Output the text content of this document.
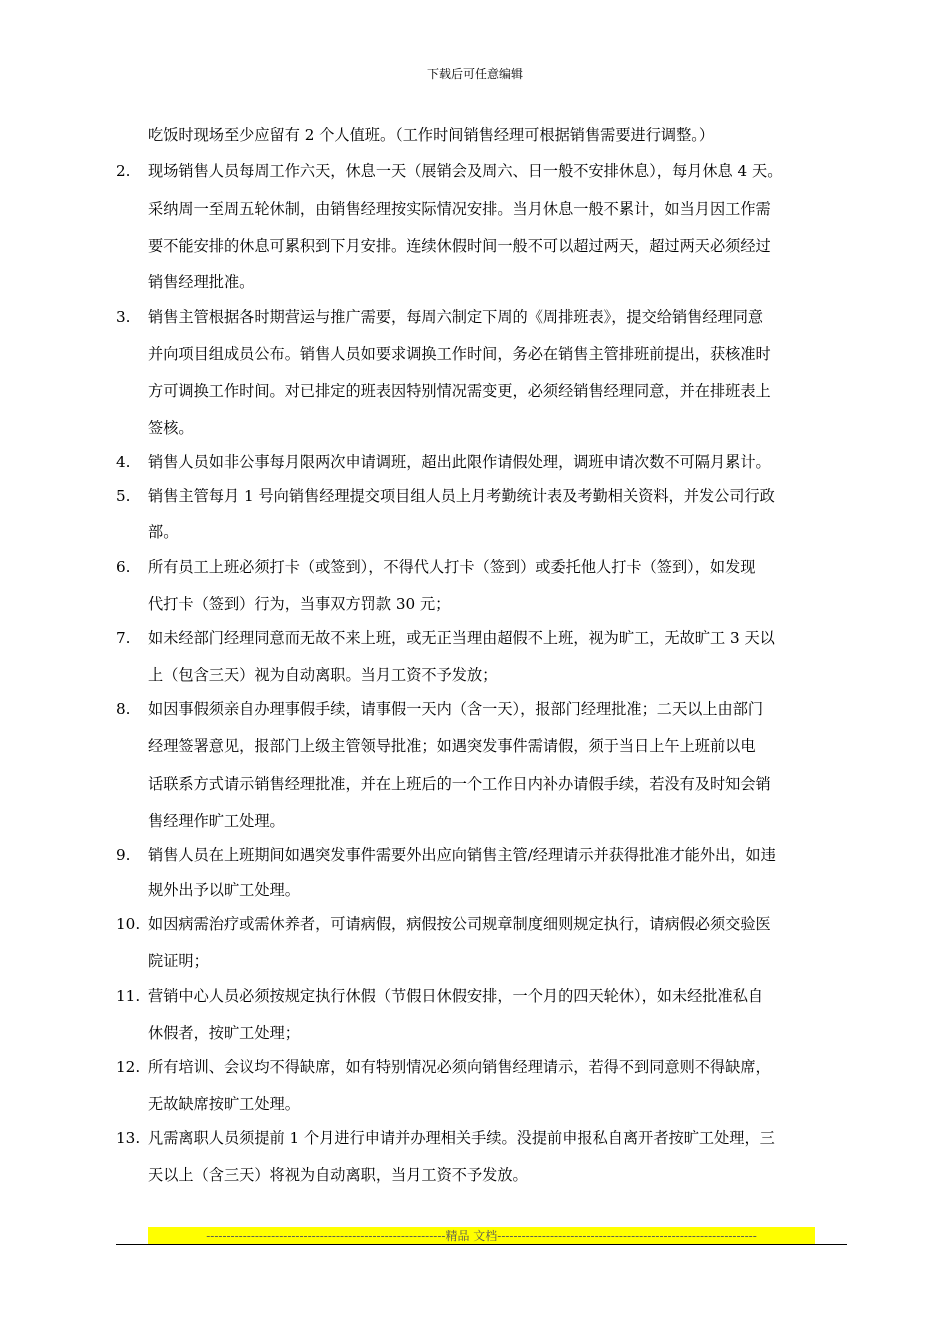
下载后可任意编辑
吃饭时现场至少应留有 2 个人值班。（工作时间销售经理可根据销售需要进行调整。）
2. 现场销售人员每周工作六天，休息一天（展销会及周六、日一般不安排休息），每月休息 4 天。
采纳周一至周五轮休制，由销售经理按实际情况安排。当月休息一般不累计，如当月因工作需
要不能安排的休息可累积到下月安排。连续休假时间一般不可以超过两天，超过两天必须经过
销售经理批准。
3. 销售主管根据各时期营运与推广需要，每周六制定下周的《周排班表》，提交给销售经理同意
并向项目组成员公布。销售人员如要求调换工作时间，务必在销售主管排班前提出，获核准时
方可调换工作时间。对已排定的班表因特别情况需变更，必须经销售经理同意，并在排班表上
签核。
4. 销售人员如非公事每月限两次申请调班，超出此限作请假处理，调班申请次数不可隔月累计。
5. 销售主管每月 1 号向销售经理提交项目组人员上月考勤统计表及考勤相关资料，并发公司行政
部。
6. 所有员工上班必须打卡（或签到），不得代人打卡（签到）或委托他人打卡（签到），如发现
代打卡（签到）行为，当事双方罚款 30 元；
7. 如未经部门经理同意而无故不来上班，或无正当理由超假不上班，视为旷工，无故旷工 3 天以
上（包含三天）视为自动离职。当月工资不予发放；
8. 如因事假须亲自办理事假手续，请事假一天内（含一天），报部门经理批准；二天以上由部门
经理签署意见，报部门上级主管领导批准；如遇突发事件需请假，须于当日上午上班前以电
话联系方式请示销售经理批准，并在上班后的一个工作日内补办请假手续，若没有及时知会销
售经理作旷工处理。
9. 销售人员在上班期间如遇突发事件需要外出应向销售主管/经理请示并获得批准才能外出，如违
规外出予以旷工处理。
10. 如因病需治疗或需休养者，可请病假，病假按公司规章制度细则规定执行，请病假必须交验医
院证明；
11. 营销中心人员必须按规定执行休假（节假日休假安排，一个月的四天轮休），如未经批准私自
休假者，按旷工处理；
12. 所有培训、会议均不得缺席，如有特别情况必须向销售经理请示，若得不到同意则不得缺席，
无故缺席按旷工处理。
13. 凡需离职人员须提前 1 个月进行申请并办理相关手续。没提前申报私自离开者按旷工处理，三
天以上（含三天）将视为自动离职，当月工资不予发放。
-----------------------------------------------------------精品 文档----------------------------------------------------------------
